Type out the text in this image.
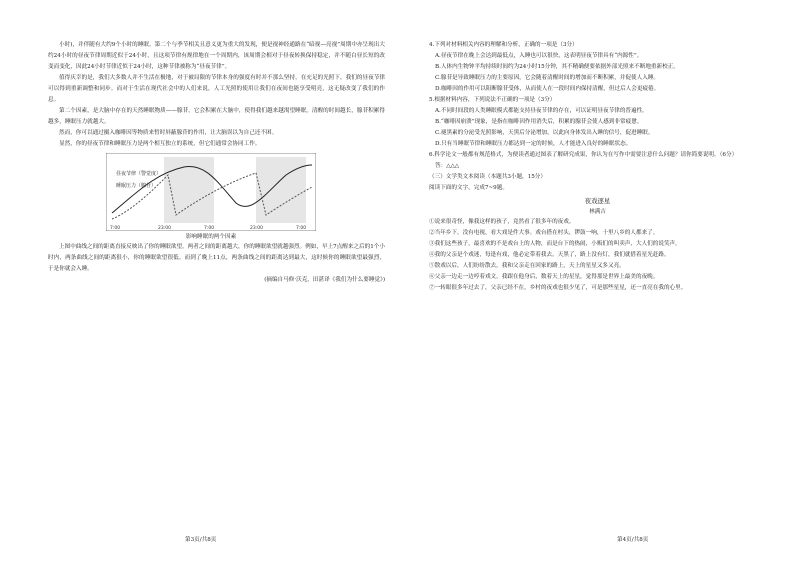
小时)，并伴随有大约9个小时的睡眠。第二个与季节相关且意义更为重大的发现，便是视神经通路在“暗视—亮视”周期中亦呈现出大约24小时的昼夜节律周期近似于24小时，且这项节律有规律地在一个周期内，该周期会相对于昼夜转换保持稳定，并不随白昼长短的改变而变化，因此24小时节律近似于24小时，这种节律被称为“昼夜节律”。

值得庆幸的是，我们大多数人并不生活在极地，对于被局限的节律本身的强度有时并不那么坚持，在充足的光照下，我们的昼夜节律可以得到重新调整和同步。而对于生活在现代社会中的人们来说，人工光照的使用让我们在夜间也能享受明亮，这无疑改变了我们的作息。

第二个因素，是大脑中存在的天然睡眠物质——腺苷。它会积累在大脑中，使得我们越来越渴望睡眠。清醒的时间越长，腺苷积累得越多，睡眠压力就越大。

然而，你可以通过摄入咖啡因等物质来暂时屏蔽腺苷的作用，让大脑误以为自己还不困。

显然，你的昼夜节律和睡眠压力是两个相互独立的系统，但它们通常会协同工作。

昼夜节律（警觉度）
睡眠压力（腺苷）
7:00	23:00	7:00	23:00	7:00
影响睡眠的两个因素

上图中曲线之间的距离直接反映出了你的睡眠欲望。两者之间的距离越大，你的睡眠欲望就越强烈。例如，早上7点醒来之后的1个小时内，两条曲线之间的距离很小，你的睡眠欲望很低。而到了晚上11点，两条曲线之间的距离达到最大，这时候你的睡眠欲望最强烈，于是你就会入睡。

(摘编自马修·沃克，田湛译《我们为什么要睡觉》)

第3页/共8页

4.下列对材料相关内容的理解和分析，正确的一项是（3分）

A.昼夜节律在晚上会达到最低点，入睡也可以很快，这表明昼夜节律具有“内源性”。

B.人体内生物钟平均持续时间约为24小时15分钟，其不精确便要依据外部光照来不断地重新校正。

C.腺苷是导致睡眠压力的主要原因，它会随着清醒时间的增加而不断积累，并促使人入睡。

D.咖啡因的作用可以阻断腺苷受体，从而使人在一段时间内保持清醒，但过后人会更疲倦。

5.根据材料内容，下列说法不正确的一项是（3分）

A.不同时间段的人类睡眠模式都能支持昼夜节律的存在，可以证明昼夜节律的普遍性。

B.“咖啡因崩溃”现象，是指在咖啡因作用消失后，积累的腺苷会使人感到非常疲惫。

C.褪黑素的分泌受光照影响，天黑后分泌增加，以此向身体发出入睡的信号，促进睡眠。

D.只有当睡眠节律和睡眠压力都达到一定的时候，人才能进入良好的睡眠状态。

6.科学论文一般都有规范格式，为便读者通过图表了解研究成果，你认为在写作中需要注意什么问题？请你简要说明。（6分）

答：△△△

（三）文学类文本阅读（本题共3小题，15分）

阅读下面的文字，完成7~9题。

夜戏逐星
林满吉

①说来很奇怪，像我这样的孩子，竟然看了很多年的夜戏。

②当年乡下，没有电视，看大戏是件大事。戏台搭在村头，锣鼓一响，十里八乡的人都来了。

③我们这些孩子，最喜欢的不是戏台上的人物，而是台下的热闹，小贩们的叫卖声，大人们的说笑声。

④我的父亲是个戏迷，每逢有戏，他必定带着我去。天黑了，路上没有灯，我们就借着星光赶路。

⑤散戏以后，人们纷纷散去，我和父亲走在回家的路上，天上的星星又多又亮。

⑥父亲一边走一边哼着戏文，我跟在他身后，数着天上的星星，觉得那是世界上最美的夜晚。

⑦一转眼很多年过去了，父亲已经不在，乡村的夜戏也很少见了，可是那些星星，还一直亮在我的心里。

第4页/共8页
